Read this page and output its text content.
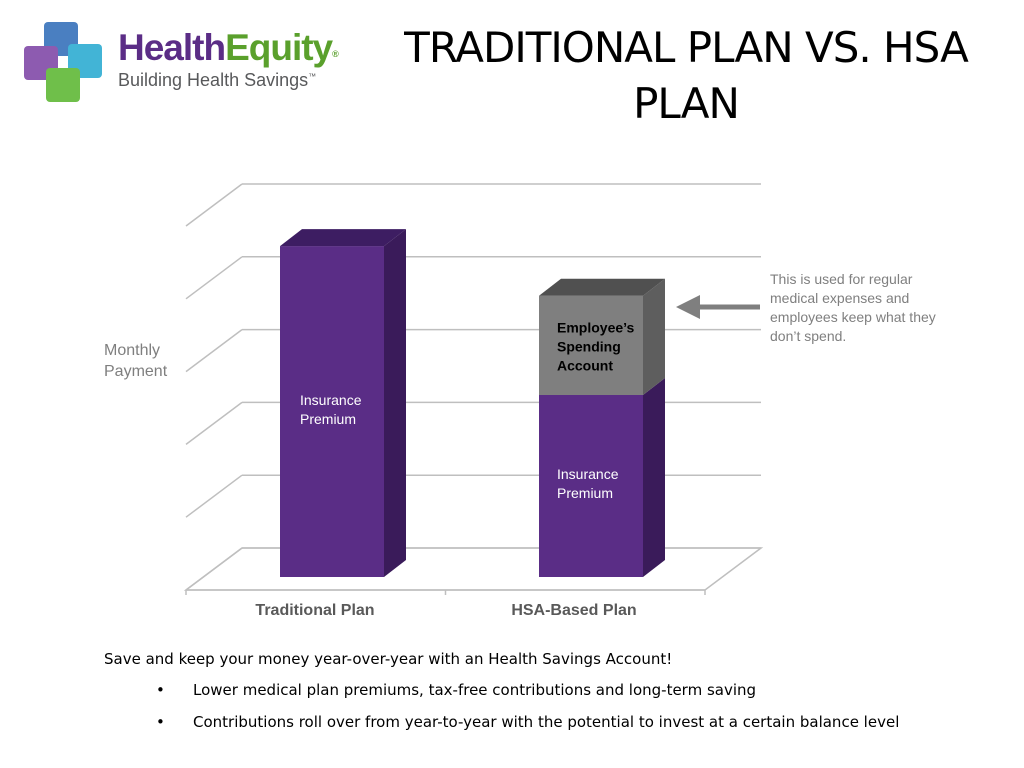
HealthEquity®
Building Health Savings™
TRADITIONAL PLAN VS. HSA PLAN
Insurance Premium
Insurance Premium
Employee’s Spending Account
Traditional Plan	HSA-Based Plan
Monthly Payment
This is used for regular medical expenses and employees keep what they don’t spend.

Save and keep your money year-over-year with an Health Savings Account!

• Lower medical plan premiums, tax-free contributions and long-term saving
• Contributions roll over from year-to-year with the potential to invest at a certain balance level
